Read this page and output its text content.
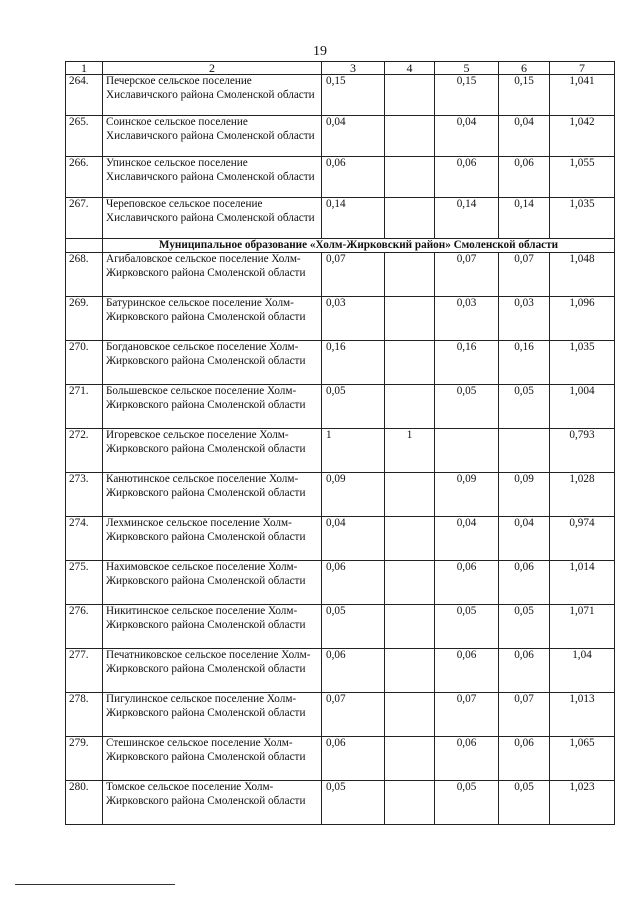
19
1	2	3	4	5	6	7
264.	Печерское сельское поселение Хиславичского района Смоленской области	0,15		0,15	0,15	1,041
265.	Соинское сельское поселение Хиславичского района Смоленской области	0,04		0,04	0,04	1,042
266.	Упинское сельское поселение Хиславичского района Смоленской области	0,06		0,06	0,06	1,055
267.	Череповское сельское поселение Хиславичского района Смоленской области	0,14		0,14	0,14	1,035
	Муниципальное образование «Холм-Жирковский район» Смоленской области					
268.	Агибаловское сельское поселение Холм-Жирковского района Смоленской области	0,07		0,07	0,07	1,048
269.	Батуринское сельское поселение Холм-Жирковского района Смоленской области	0,03		0,03	0,03	1,096
270.	Богдановское сельское поселение Холм-Жирковского района Смоленской области	0,16		0,16	0,16	1,035
271.	Большевское сельское поселение Холм-Жирковского района Смоленской области	0,05		0,05	0,05	1,004
272.	Игоревское сельское поселение Холм-Жирковского района Смоленской области	1	1			0,793
273.	Канютинское сельское поселение Холм-Жирковского района Смоленской области	0,09		0,09	0,09	1,028
274.	Лехминское сельское поселение Холм-Жирковского района Смоленской области	0,04		0,04	0,04	0,974
275.	Нахимовское сельское поселение Холм-Жирковского района Смоленской области	0,06		0,06	0,06	1,014
276.	Никитинское сельское поселение Холм-Жирковского района Смоленской области	0,05		0,05	0,05	1,071
277.	Печатниковское сельское поселение Холм-Жирковского района Смоленской области	0,06		0,06	0,06	1,04
278.	Пигулинское сельское поселение Холм-Жирковского района Смоленской области	0,07		0,07	0,07	1,013
279.	Стешинское сельское поселение Холм-Жирковского района Смоленской области	0,06		0,06	0,06	1,065
280.	Томское сельское поселение Холм-Жирковского района Смоленской области	0,05		0,05	0,05	1,023
